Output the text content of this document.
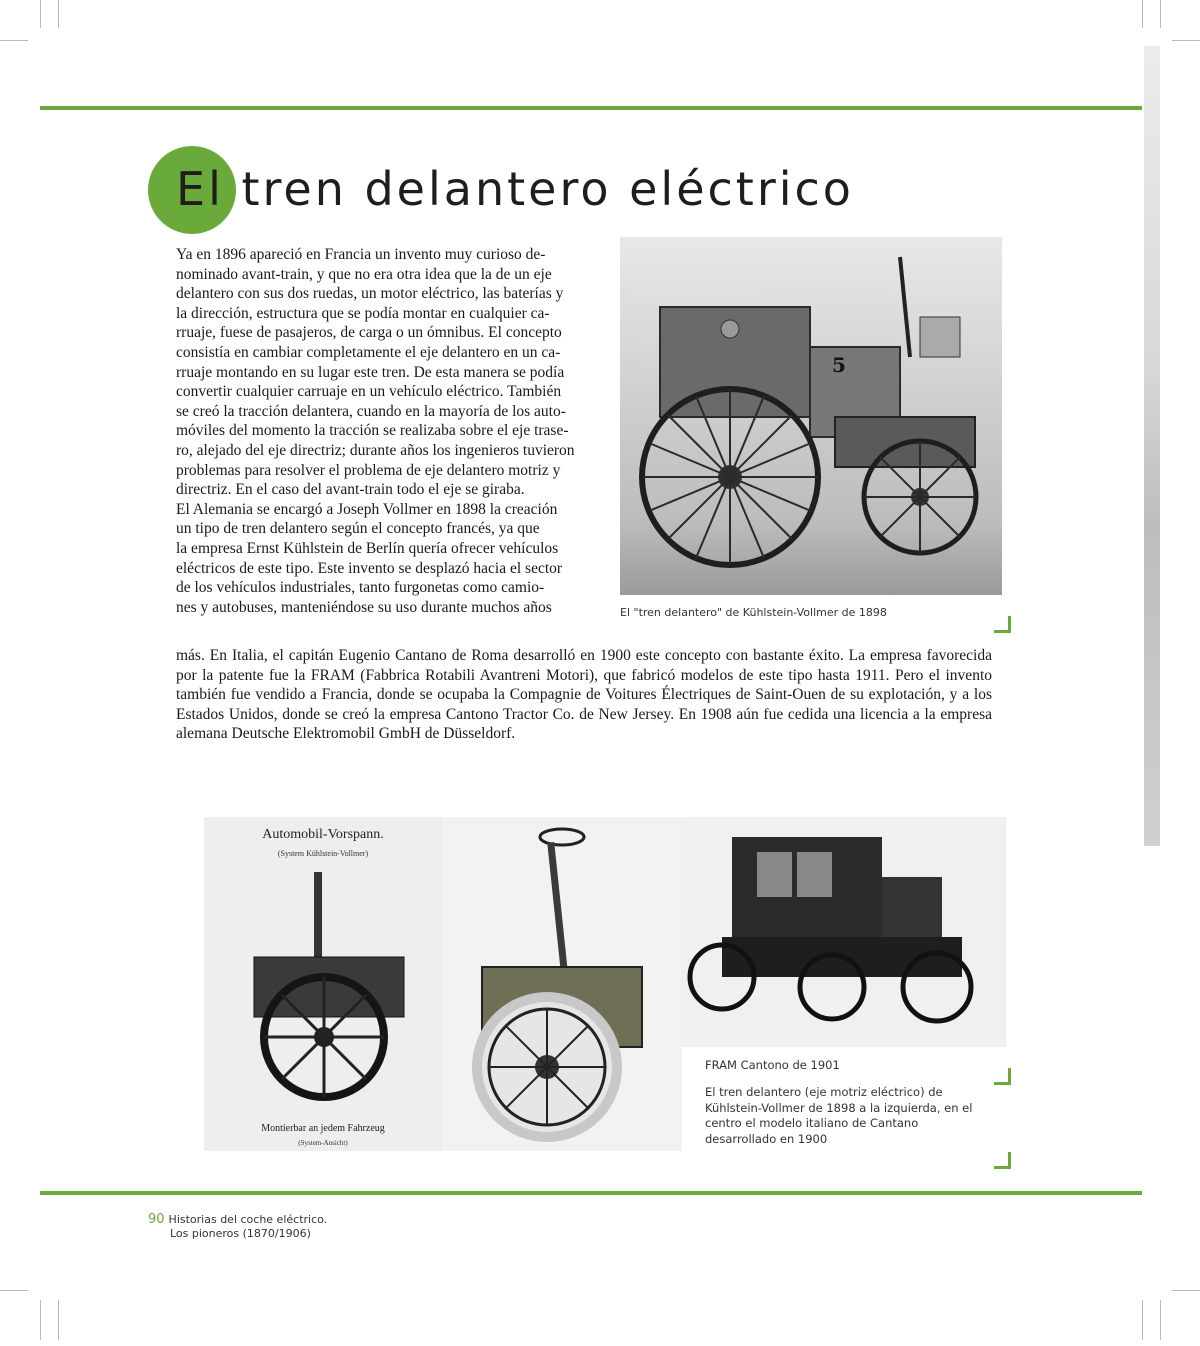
El tren delantero eléctrico
Ya en 1896 apareció en Francia un invento muy curioso de-
nominado avant-train, y que no era otra idea que la de un eje
delantero con sus dos ruedas, un motor eléctrico, las baterías y
la dirección, estructura que se podía montar en cualquier ca-
rruaje, fuese de pasajeros, de carga o un ómnibus. El concepto
consistía en cambiar completamente el eje delantero en un ca-
rruaje montando en su lugar este tren. De esta manera se podía
convertir cualquier carruaje en un vehículo eléctrico. También
se creó la tracción delantera, cuando en la mayoría de los auto-
móviles del momento la tracción se realizaba sobre el eje trase-
ro, alejado del eje directriz; durante años los ingenieros tuvieron
problemas para resolver el problema de eje delantero motriz y
directriz. En el caso del avant-train todo el eje se giraba.
El Alemania se encargó a Joseph Vollmer en 1898 la creación
un tipo de tren delantero según el concepto francés, ya que
la empresa Ernst Kühlstein de Berlín quería ofrecer vehículos
eléctricos de este tipo. Este invento se desplazó hacia el sector
de los vehículos industriales, tanto furgonetas como camio-
nes y autobuses, manteniéndose su uso durante muchos años
más. En Italia, el capitán Eugenio Cantano de Roma desarrolló en 1900 este concepto con bastante éxito. La empresa favorecida por la patente fue la FRAM (Fabbrica Rotabili Avantreni Motori), que fabricó modelos de este tipo hasta 1911. Pero el invento también fue vendido a Francia, donde se ocupaba la Compagnie de Voitures Électriques de Saint-Ouen de su explotación, y a los Estados Unidos, donde se creó la empresa Cantono Tractor Co. de New Jersey. En 1908 aún fue cedida una licencia a la empresa alemana Deutsche Elektromobil GmbH de Düsseldorf.
5
El "tren delantero" de Kühlstein-Vollmer de 1898
Automobil-Vorspann.
(System Kühlstein-Vollmer)
Montierbar an jedem Fahrzeug
(System-Ansicht)
FRAM Cantono de 1901
El tren delantero (eje motriz eléctrico) de Kühlstein-Vollmer de 1898 a la izquierda, en el centro el modelo italiano de Cantano desarrollado en 1900
90 Historias del coche eléctrico.
Los pioneros (1870/1906)
